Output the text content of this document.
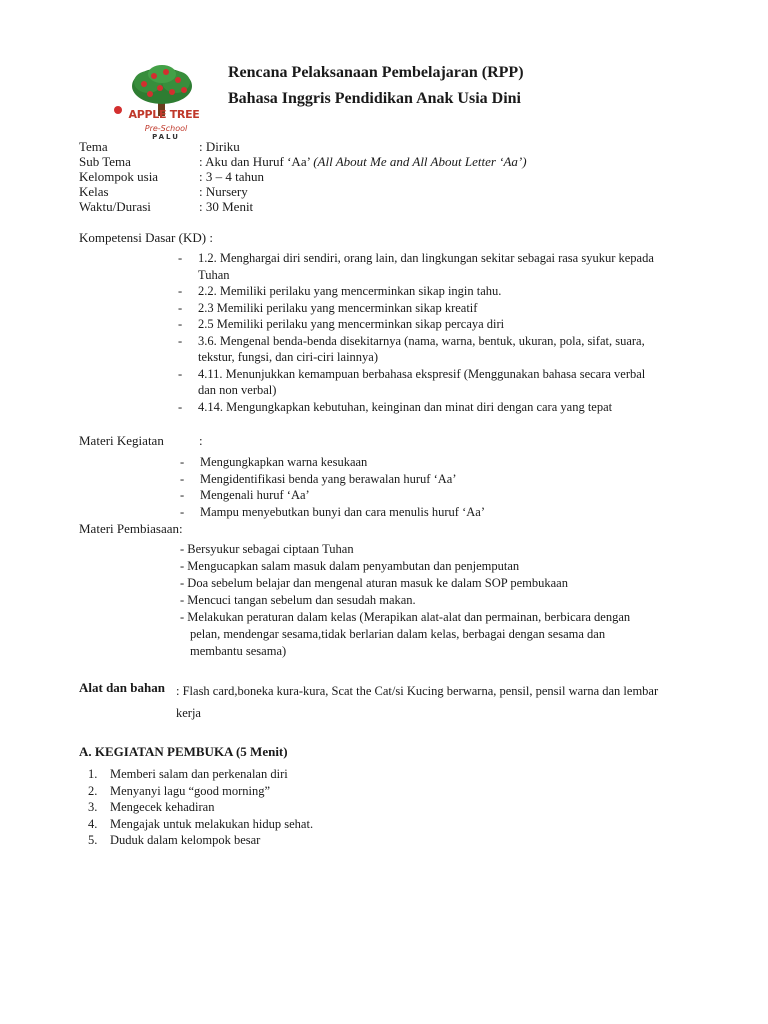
APPLE TREE
Pre-School
PALU
Rencana Pelaksanaan Pembelajaran (RPP)
Bahasa Inggris Pendidikan Anak Usia Dini
Tema	: Diriku
Sub Tema	: Aku dan Huruf ‘Aa’ (All About Me and All About Letter ‘Aa’)
Kelompok usia	: 3 – 4 tahun
Kelas	: Nursery
Waktu/Durasi	: 30 Menit
Kompetensi Dasar (KD) :
- 1.2. Menghargai diri sendiri, orang lain, dan lingkungan sekitar sebagai rasa syukur kepada Tuhan
- 2.2. Memiliki perilaku yang mencerminkan sikap ingin tahu.
- 2.3 Memiliki perilaku yang mencerminkan sikap kreatif
- 2.5 Memiliki perilaku yang mencerminkan sikap percaya diri
- 3.6. Mengenal benda-benda disekitarnya (nama, warna, bentuk, ukuran, pola, sifat, suara, tekstur, fungsi, dan ciri-ciri lainnya)
- 4.11. Menunjukkan kemampuan berbahasa ekspresif (Menggunakan bahasa secara verbal dan non verbal)
- 4.14. Mengungkapkan kebutuhan, keinginan dan minat diri dengan cara yang tepat
Materi Kegiatan	:
- Mengungkapkan warna kesukaan
- Mengidentifikasi benda yang berawalan huruf ‘Aa’
- Mengenali huruf ‘Aa’
- Mampu menyebutkan bunyi dan cara menulis huruf ‘Aa’
Materi Pembiasaan:
- Bersyukur sebagai ciptaan Tuhan
- Mengucapkan salam masuk dalam penyambutan dan penjemputan
- Doa sebelum belajar dan mengenal aturan masuk ke dalam SOP pembukaan
- Mencuci tangan sebelum dan sesudah makan.
- Melakukan peraturan dalam kelas (Merapikan alat-alat dan permainan, berbicara dengan pelan, mendengar sesama,tidak berlarian dalam kelas, berbagai dengan sesama dan membantu sesama)
Alat dan bahan : Flash card,boneka kura-kura, Scat the Cat/si Kucing berwarna, pensil, pensil warna dan lembar kerja
A. KEGIATAN PEMBUKA (5 Menit)
1. Memberi salam dan perkenalan diri
2. Menyanyi lagu “good morning”
3. Mengecek kehadiran
4. Mengajak untuk melakukan hidup sehat.
5. Duduk dalam kelompok besar
